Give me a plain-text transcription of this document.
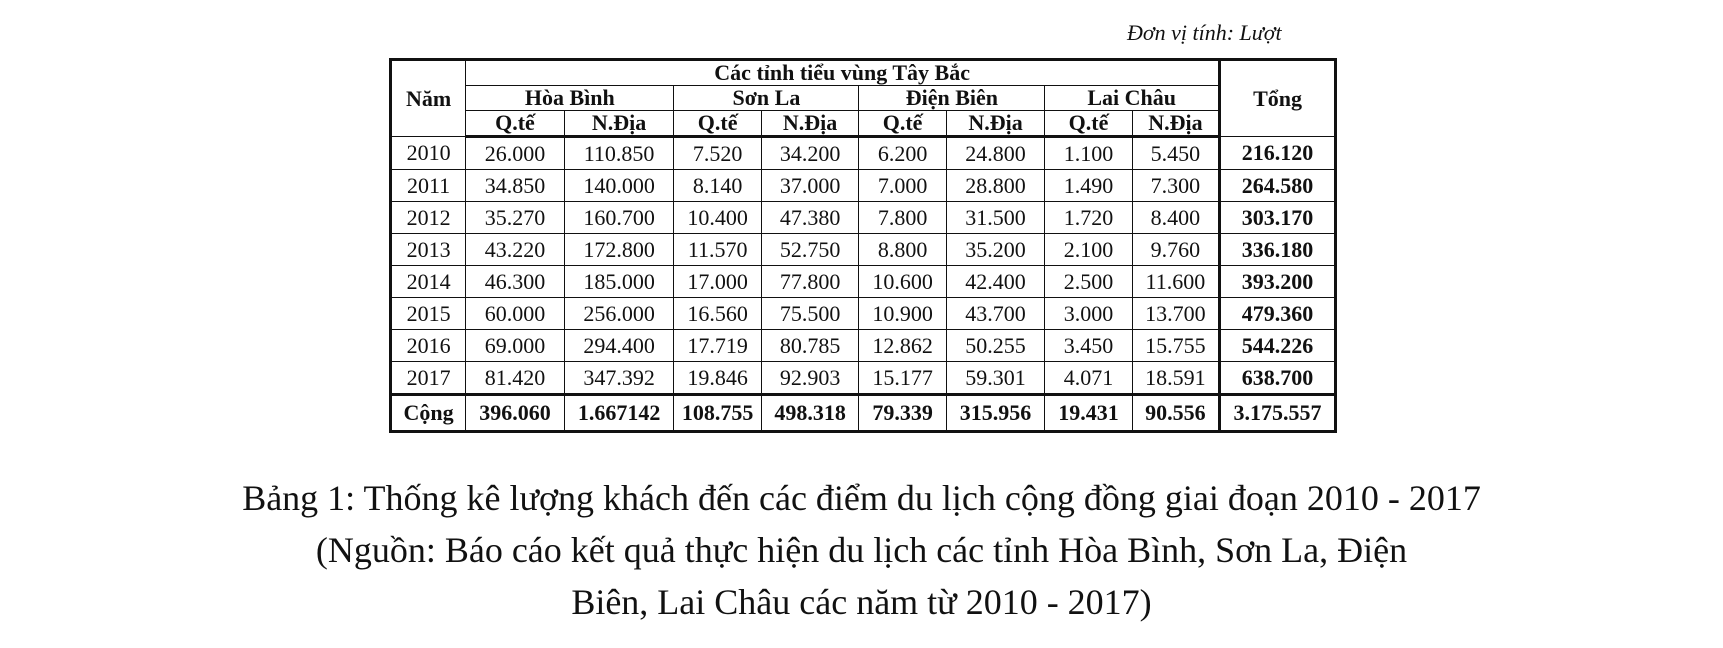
Đơn vị tính: Lượt
Năm	Các tỉnh tiểu vùng Tây Bắc								Tổng
	Hòa Bình		Sơn La		Điện Biên		Lai Châu		
	Q.tế	N.Địa	Q.tế	N.Địa	Q.tế	N.Địa	Q.tế	N.Địa	
2010	26.000	110.850	7.520	34.200	6.200	24.800	1.100	5.450	216.120
2011	34.850	140.000	8.140	37.000	7.000	28.800	1.490	7.300	264.580
2012	35.270	160.700	10.400	47.380	7.800	31.500	1.720	8.400	303.170
2013	43.220	172.800	11.570	52.750	8.800	35.200	2.100	9.760	336.180
2014	46.300	185.000	17.000	77.800	10.600	42.400	2.500	11.600	393.200
2015	60.000	256.000	16.560	75.500	10.900	43.700	3.000	13.700	479.360
2016	69.000	294.400	17.719	80.785	12.862	50.255	3.450	15.755	544.226
2017	81.420	347.392	19.846	92.903	15.177	59.301	4.071	18.591	638.700
Cộng	396.060	1.667142	108.755	498.318	79.339	315.956	19.431	90.556	3.175.557
Bảng 1: Thống kê lượng khách đến các điểm du lịch cộng đồng giai đoạn 2010 - 2017
(Nguồn: Báo cáo kết quả thực hiện du lịch các tỉnh Hòa Bình, Sơn La, Điện
Biên, Lai Châu các năm từ 2010 - 2017)
